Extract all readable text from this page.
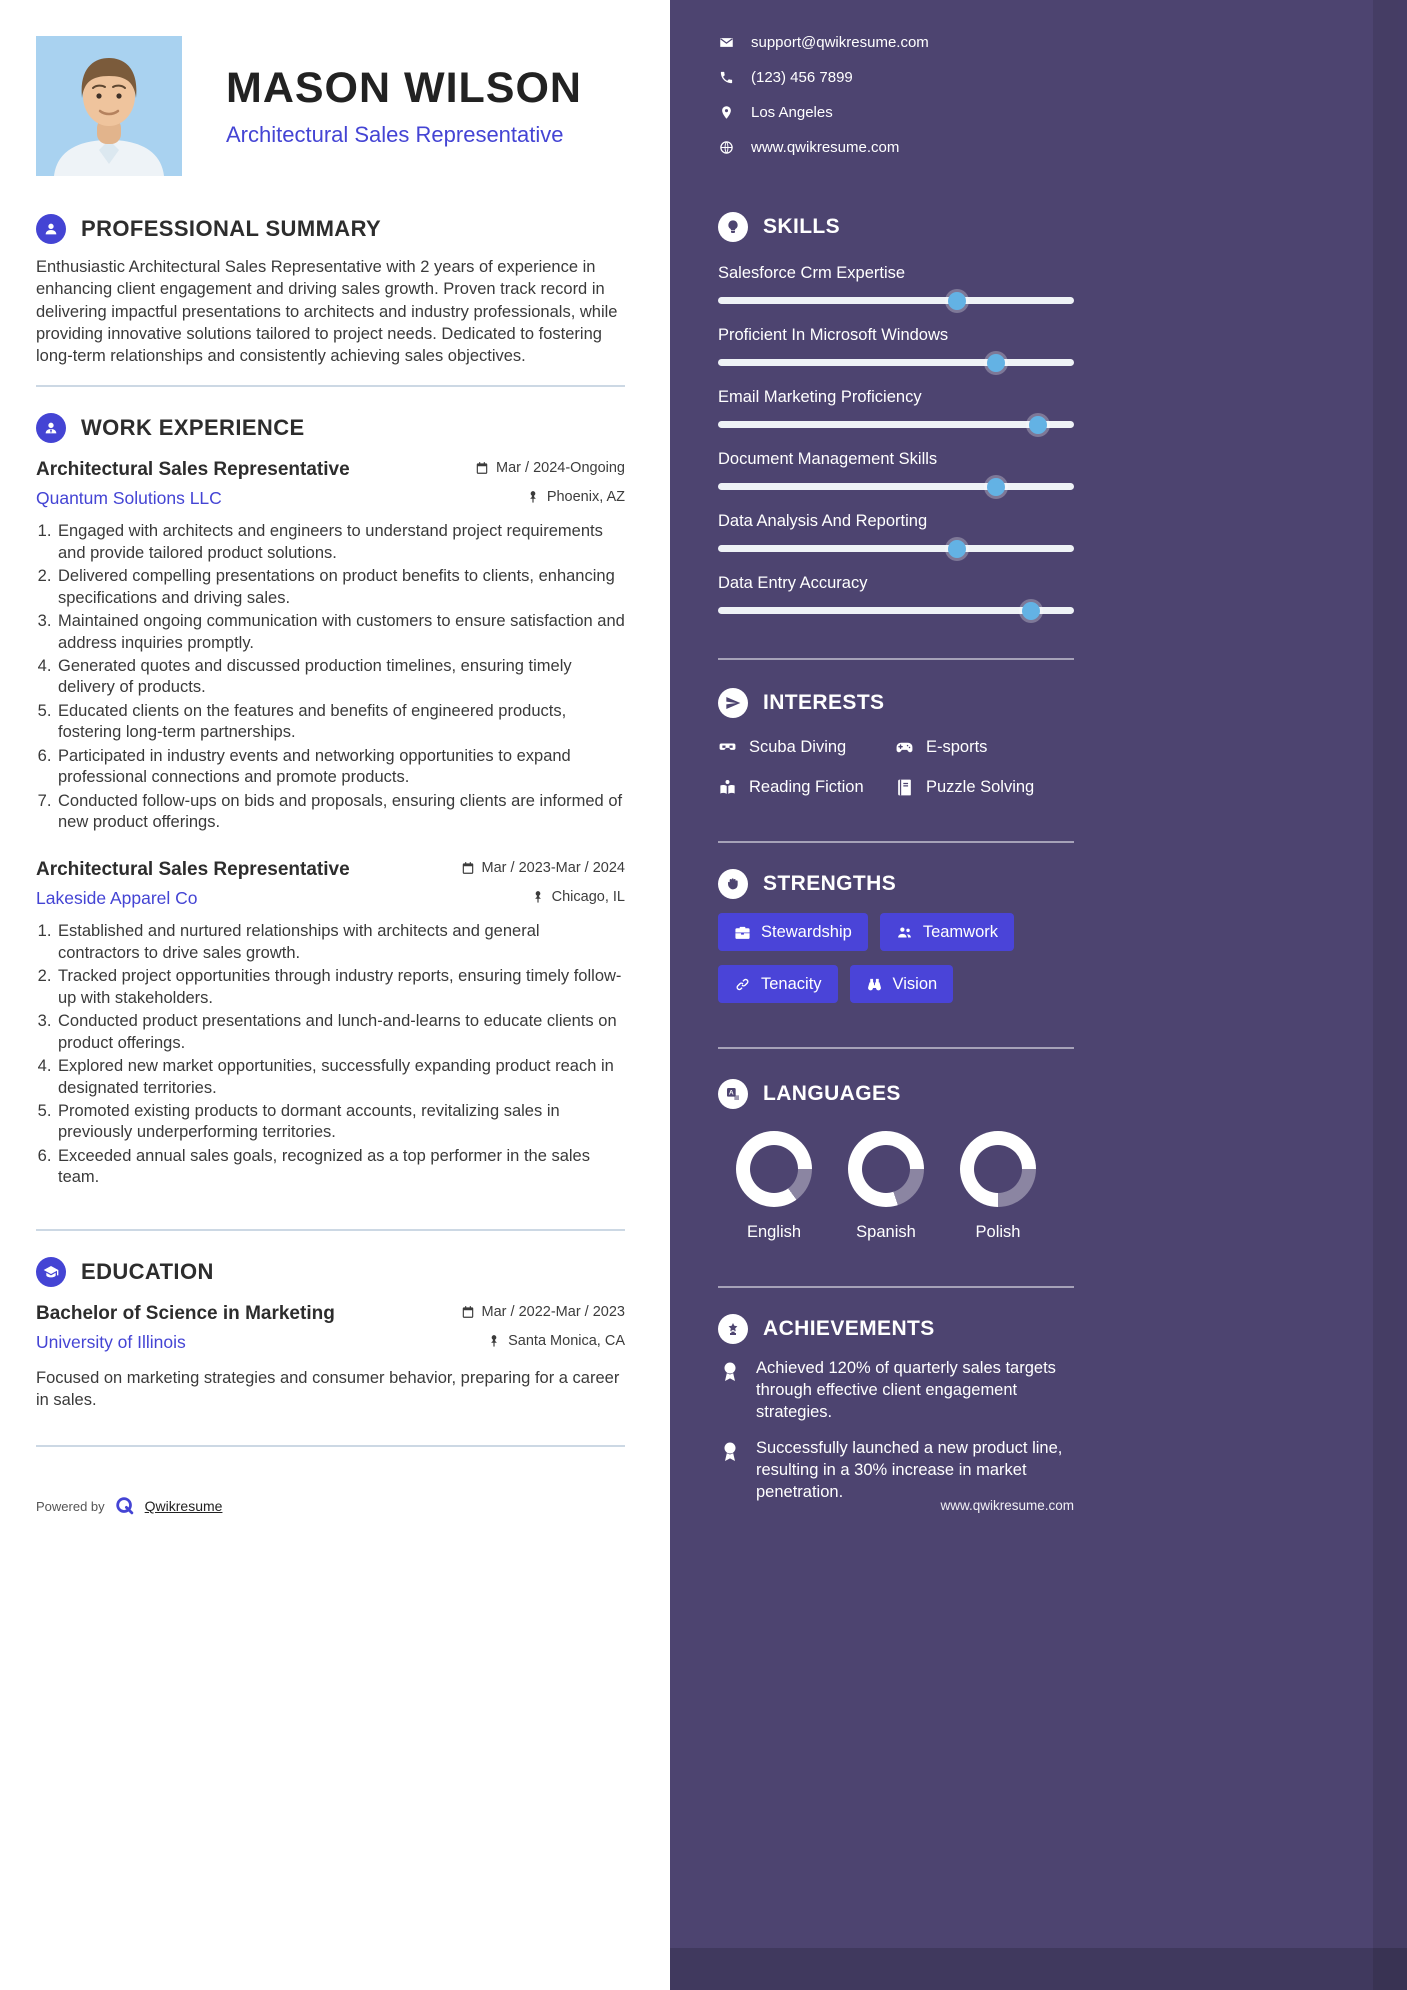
MASON WILSON
Architectural Sales Representative
PROFESSIONAL SUMMARY

Enthusiastic Architectural Sales Representative with 2 years of experience in enhancing client engagement and driving sales growth. Proven track record in delivering impactful presentations to architects and industry professionals, while providing innovative solutions tailored to project needs. Dedicated to fostering long-term relationships and consistently achieving sales objectives.

WORK EXPERIENCE
Architectural Sales Representative	Mar / 2024-Ongoing
Quantum Solutions LLC	Phoenix, AZ
1. Engaged with architects and engineers to understand project requirements and provide tailored product solutions.
2. Delivered compelling presentations on product benefits to clients, enhancing specifications and driving sales.
3. Maintained ongoing communication with customers to ensure satisfaction and address inquiries promptly.
4. Generated quotes and discussed production timelines, ensuring timely delivery of products.
5. Educated clients on the features and benefits of engineered products, fostering long-term partnerships.
6. Participated in industry events and networking opportunities to expand professional connections and promote products.
7. Conducted follow-ups on bids and proposals, ensuring clients are informed of new product offerings.
Architectural Sales Representative	Mar / 2023-Mar / 2024
Lakeside Apparel Co	Chicago, IL
1. Established and nurtured relationships with architects and general contractors to drive sales growth.
2. Tracked project opportunities through industry reports, ensuring timely follow-up with stakeholders.
3. Conducted product presentations and lunch-and-learns to educate clients on product offerings.
4. Explored new market opportunities, successfully expanding product reach in designated territories.
5. Promoted existing products to dormant accounts, revitalizing sales in previously underperforming territories.
6. Exceeded annual sales goals, recognized as a top performer in the sales team.
EDUCATION
Bachelor of Science in Marketing	Mar / 2022-Mar / 2023
University of Illinois	Santa Monica, CA

Focused on marketing strategies and consumer behavior, preparing for a career in sales.

Powered by	Qwikresume
support@qwikresume.com
(123) 456 7899
Los Angeles
www.qwikresume.com
SKILLS
Salesforce Crm Expertise
Proficient In Microsoft Windows
Email Marketing Proficiency
Document Management Skills
Data Analysis And Reporting
Data Entry Accuracy
INTERESTS
Scuba Diving	E-sports
Reading Fiction	Puzzle Solving
STRENGTHS
Stewardship	Teamwork
Tenacity	Vision
A LANGUAGES
English	Spanish	Polish
ACHIEVEMENTS
Achieved 120% of quarterly sales targets through effective client engagement strategies.
Successfully launched a new product line, resulting in a 30% increase in market penetration.
www.qwikresume.com
